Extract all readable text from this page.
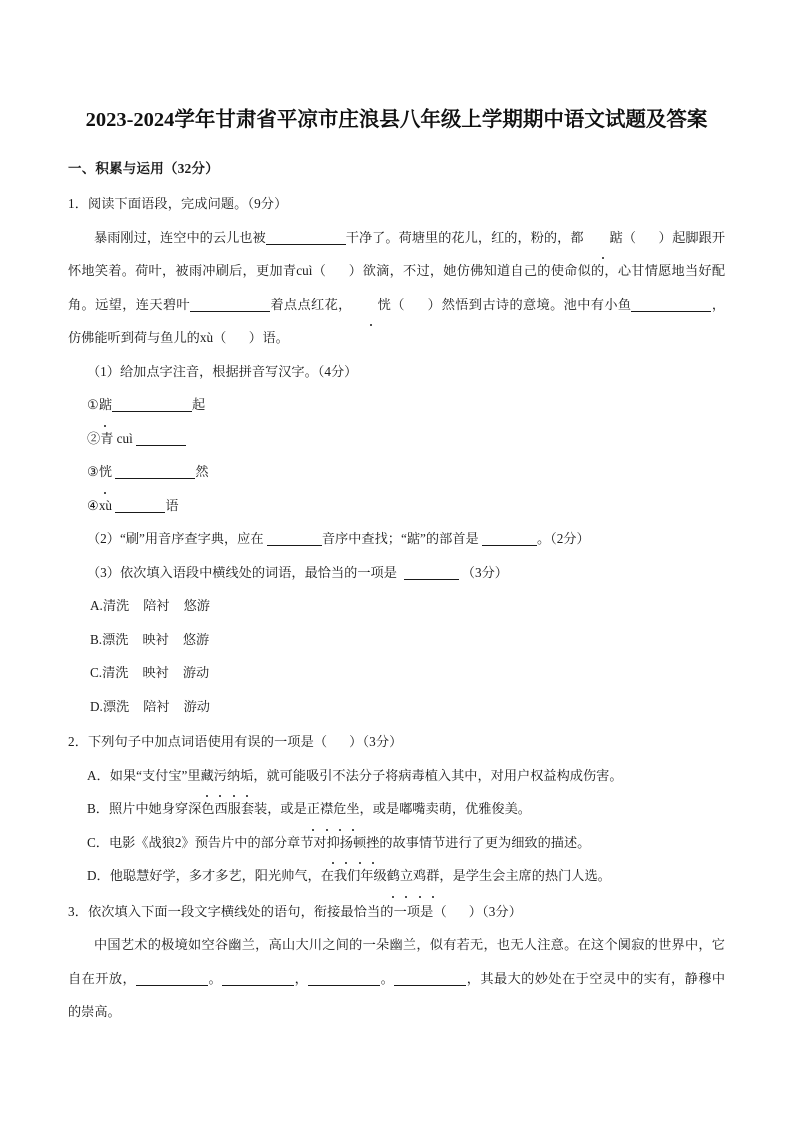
2023-2024学年甘肃省平凉市庄浪县八年级上学期期中语文试题及答案

一、积累与运用（32分）

1．阅读下面语段，完成问题。（9分）

暴雨刚过，连空中的云儿也被	干净了。荷塘里的花儿，红的，粉的，都 踮（ ）起脚跟开怀地笑着。荷叶，被雨冲刷后，更加青cuì（ ）欲滴，不过，她仿佛知道自己的使命似的，心甘情愿地当好配角。远望，连天碧叶	着点点红花， 恍（ ）然悟到古诗的意境。池中有小鱼	，仿佛能听到荷与鱼儿的xù（ ）语。

（1）给加点字注音，根据拼音写汉字。（4分）

①踮	起

②青 cuì

③恍	然

④xù	语

（2）“刷”用音序查字典，应在	音序中查找；“踮”的部首是	。（2分）

（3）依次填入语段中横线处的词语，最恰当的一项是	（3分）

A.清洗 陪衬 悠游

B.漂洗 映衬 悠游

C.清洗 映衬 游动

D.漂洗 陪衬 游动

2．下列句子中加点词语使用有误的一项是（ ）（3分）

A．如果“支付宝”里藏污纳垢，就可能吸引不法分子将病毒植入其中，对用户权益构成伤害。

B．照片中她身穿深色西服套装，或是正襟危坐，或是嘟嘴卖萌，优雅俊美。

C．电影《战狼2》预告片中的部分章节对抑扬顿挫的故事情节进行了更为细致的描述。

D．他聪慧好学，多才多艺，阳光帅气，在我们年级鹤立鸡群，是学生会主席的热门人选。

3．依次填入下面一段文字横线处的语句，衔接最恰当的一项是（ ）（3分）

中国艺术的极境如空谷幽兰，高山大川之间的一朵幽兰，似有若无，也无人注意。在这个阒寂的世界中，它自在开放，	。	，	。	，其最大的妙处在于空灵中的实有，静穆中的崇高。
